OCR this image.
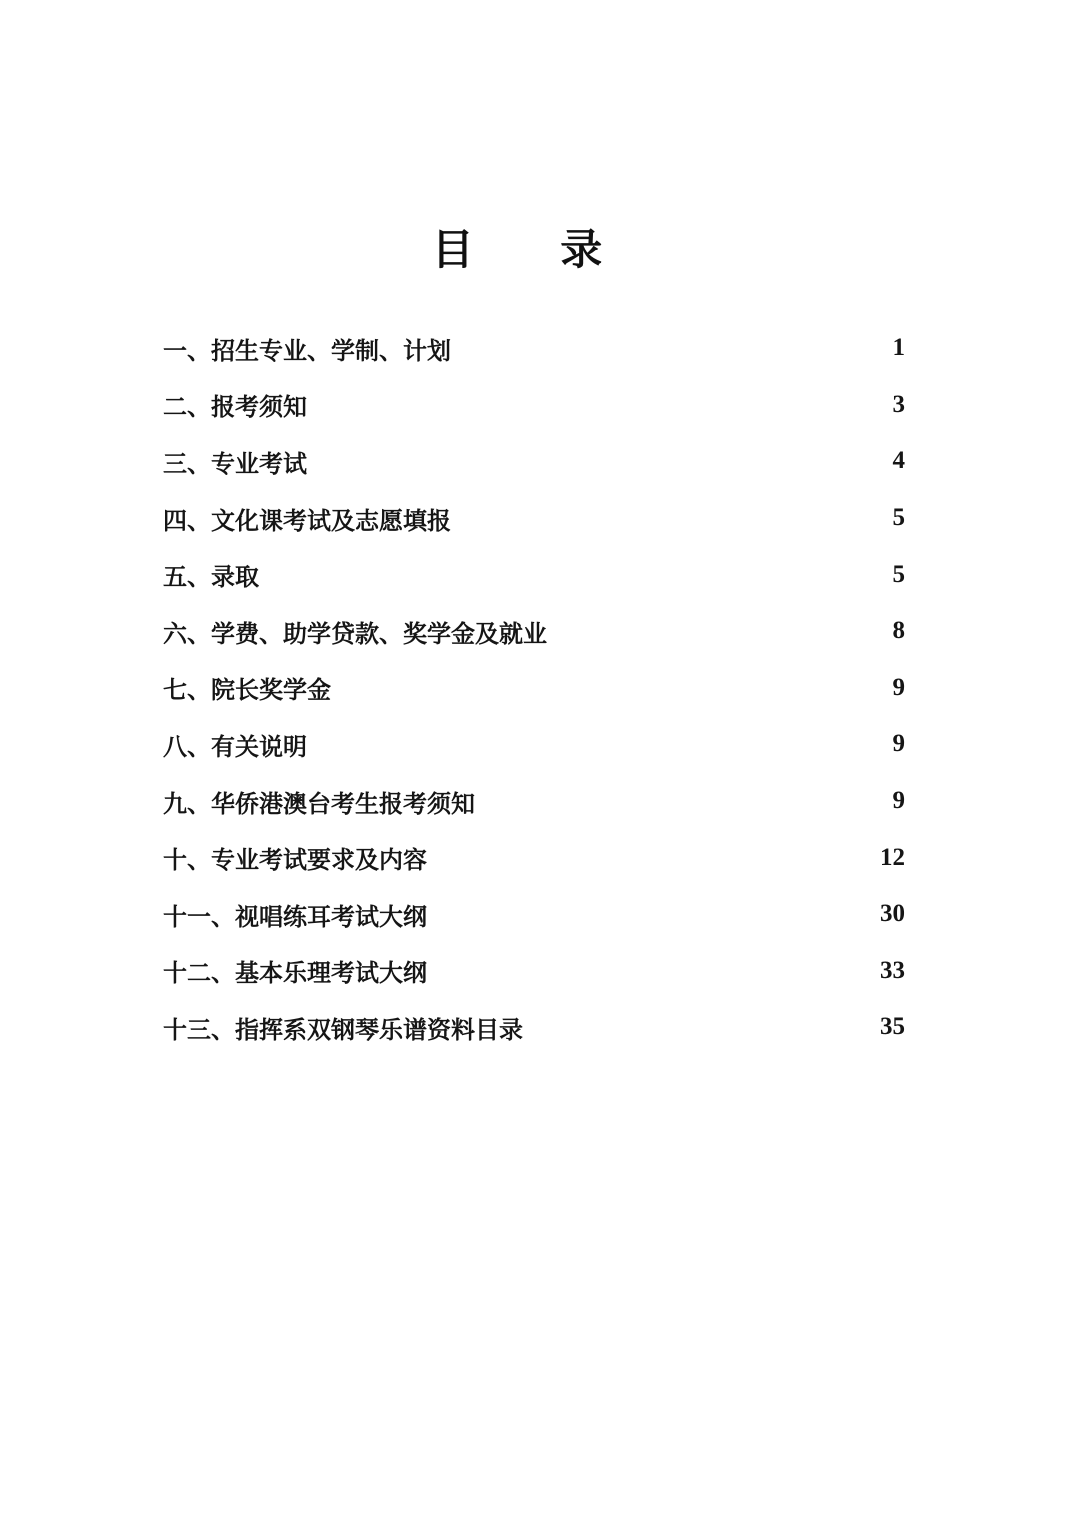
目 录
一、招生专业、学制、计划	1
二、报考须知	3
三、专业考试	4
四、文化课考试及志愿填报	5
五、录取	5
六、学费、助学贷款、奖学金及就业	8
七、院长奖学金	9
八、有关说明	9
九、华侨港澳台考生报考须知	9
十、专业考试要求及内容	12
十一、视唱练耳考试大纲	30
十二、基本乐理考试大纲	33
十三、指挥系双钢琴乐谱资料目录	35
